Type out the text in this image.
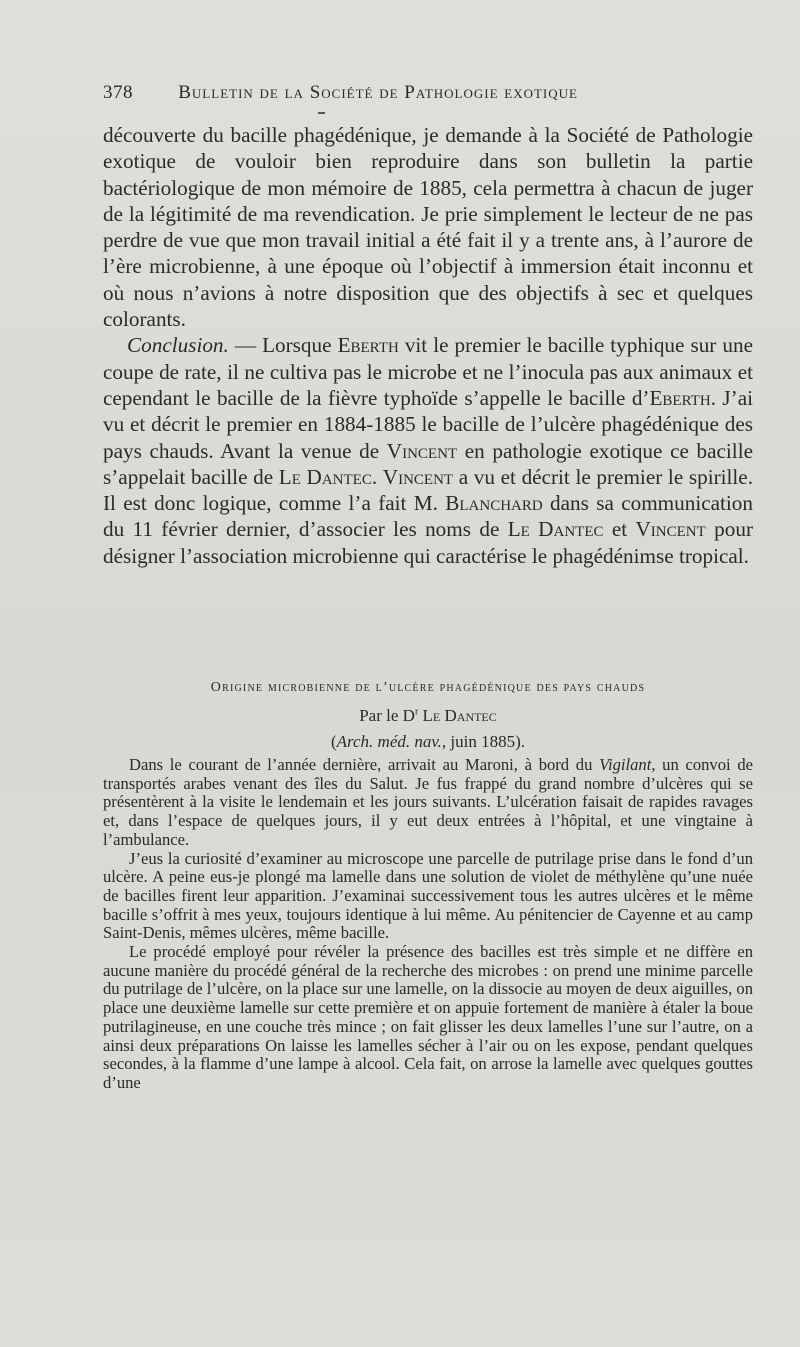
378 Bulletin de la Société de Pathologie exotique

découverte du bacille phagédénique, je demande à la Société de Pathologie exotique de vouloir bien reproduire dans son bulletin la partie bactériologique de mon mémoire de 1885, cela permettra à chacun de juger de la légitimité de ma revendication. Je prie simplement le lecteur de ne pas perdre de vue que mon travail initial a été fait il y a trente ans, à l’aurore de l’ère microbienne, à une époque où l’objectif à immersion était inconnu et où nous n’avions à notre disposition que des objectifs à sec et quelques colorants.

Conclusion. — Lorsque Eberth vit le premier le bacille typhique sur une coupe de rate, il ne cultiva pas le microbe et ne l’inocula pas aux animaux et cependant le bacille de la fièvre typhoïde s’appelle le bacille d’Eberth. J’ai vu et décrit le premier en 1884-1885 le bacille de l’ulcère phagédénique des pays chauds. Avant la venue de Vincent en pathologie exotique ce bacille s’appelait bacille de Le Dantec. Vincent a vu et décrit le premier le spirille. Il est donc logique, comme l’a fait M. Blanchard dans sa communication du 11 février dernier, d’associer les noms de Le Dantec et Vincent pour désigner l’association microbienne qui caractérise le phagédénimse tropical.

Origine microbienne de l’ulcère phagédénique des pays chauds
Par le $D^r$ Le Dantec
(Arch. méd. nav., juin 1885).

Dans le courant de l’année dernière, arrivait au Maroni, à bord du Vigilant, un convoi de transportés arabes venant des îles du Salut. Je fus frappé du grand nombre d’ulcères qui se présentèrent à la visite le lendemain et les jours suivants. L’ulcération faisait de rapides ravages et, dans l’espace de quelques jours, il y eut deux entrées à l’hôpital, et une vingtaine à l’ambulance.

J’eus la curiosité d’examiner au microscope une parcelle de putrilage prise dans le fond d’un ulcère. A peine eus-je plongé ma lamelle dans une solution de violet de méthylène qu’une nuée de bacilles firent leur apparition. J’examinai successivement tous les autres ulcères et le même bacille s’offrit à mes yeux, toujours identique à lui même. Au pénitencier de Cayenne et au camp Saint-Denis, mêmes ulcères, même bacille.

Le procédé employé pour révéler la présence des bacilles est très simple et ne diffère en aucune manière du procédé général de la recherche des microbes : on prend une minime parcelle du putrilage de l’ulcère, on la place sur une lamelle, on la dissocie au moyen de deux aiguilles, on place une deuxième lamelle sur cette première et on appuie fortement de manière à étaler la boue putrilagineuse, en une couche très mince ; on fait glisser les deux lamelles l’une sur l’autre, on a ainsi deux préparations On laisse les lamelles sécher à l’air ou on les expose, pendant quelques secondes, à la flamme d’une lampe à alcool. Cela fait, on arrose la lamelle avec quelques gouttes d’une
